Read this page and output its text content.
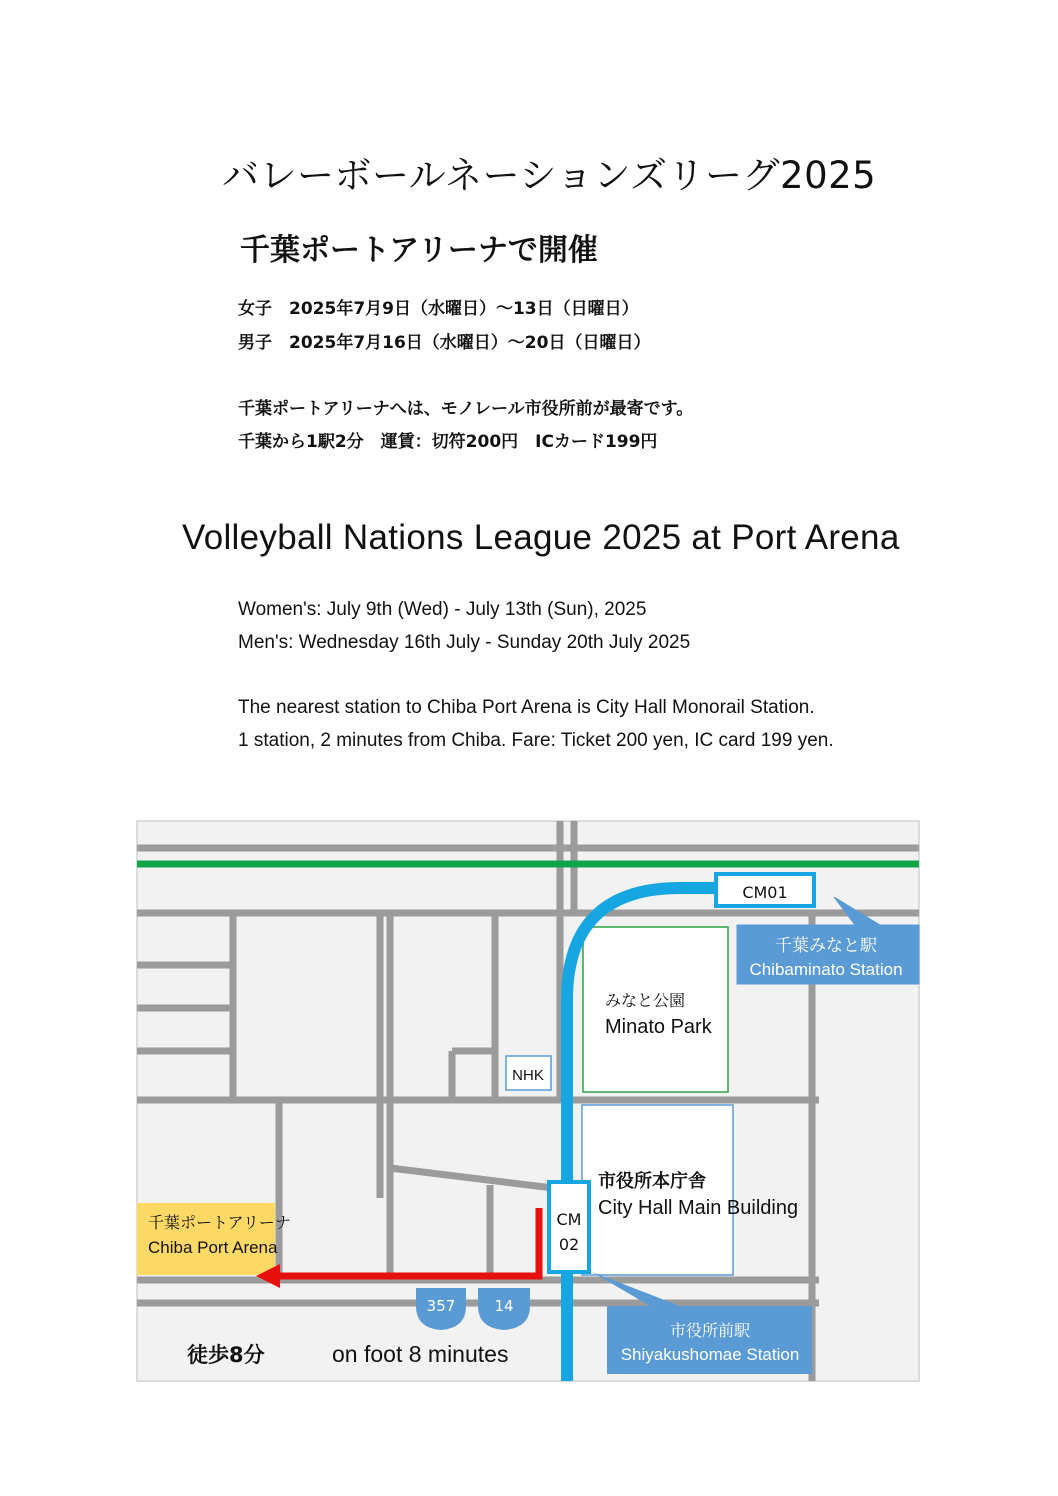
バレーボールネーションズリーグ2025
千葉ポートアリーナで開催
女子　2025年7月9日（水曜日）～13日（日曜日）
男子　2025年7月16日（水曜日）～20日（日曜日）
千葉ポートアリーナへは、モノレール市役所前が最寄です。
千葉から1駅2分　運賃：切符200円　ICカード199円
Volleyball Nations League 2025 at Port Arena
Women's: July 9th (Wed) - July 13th (Sun), 2025
Men's: Wednesday 16th July - Sunday 20th July 2025
The nearest station to Chiba Port Arena is City Hall Monorail Station.
1 station, 2 minutes from Chiba. Fare: Ticket 200 yen, IC card 199 yen.
CM01
千葉みなと駅
Chibaminato Station
みなと公園
Minato Park
NHK
市役所本庁舎
City Hall Main Building
CM
02
市役所前駅
Shiyakushomae Station
千葉ポートアリーナ
Chiba Port Arena
357	14
徒歩8分	on foot 8 minutes
